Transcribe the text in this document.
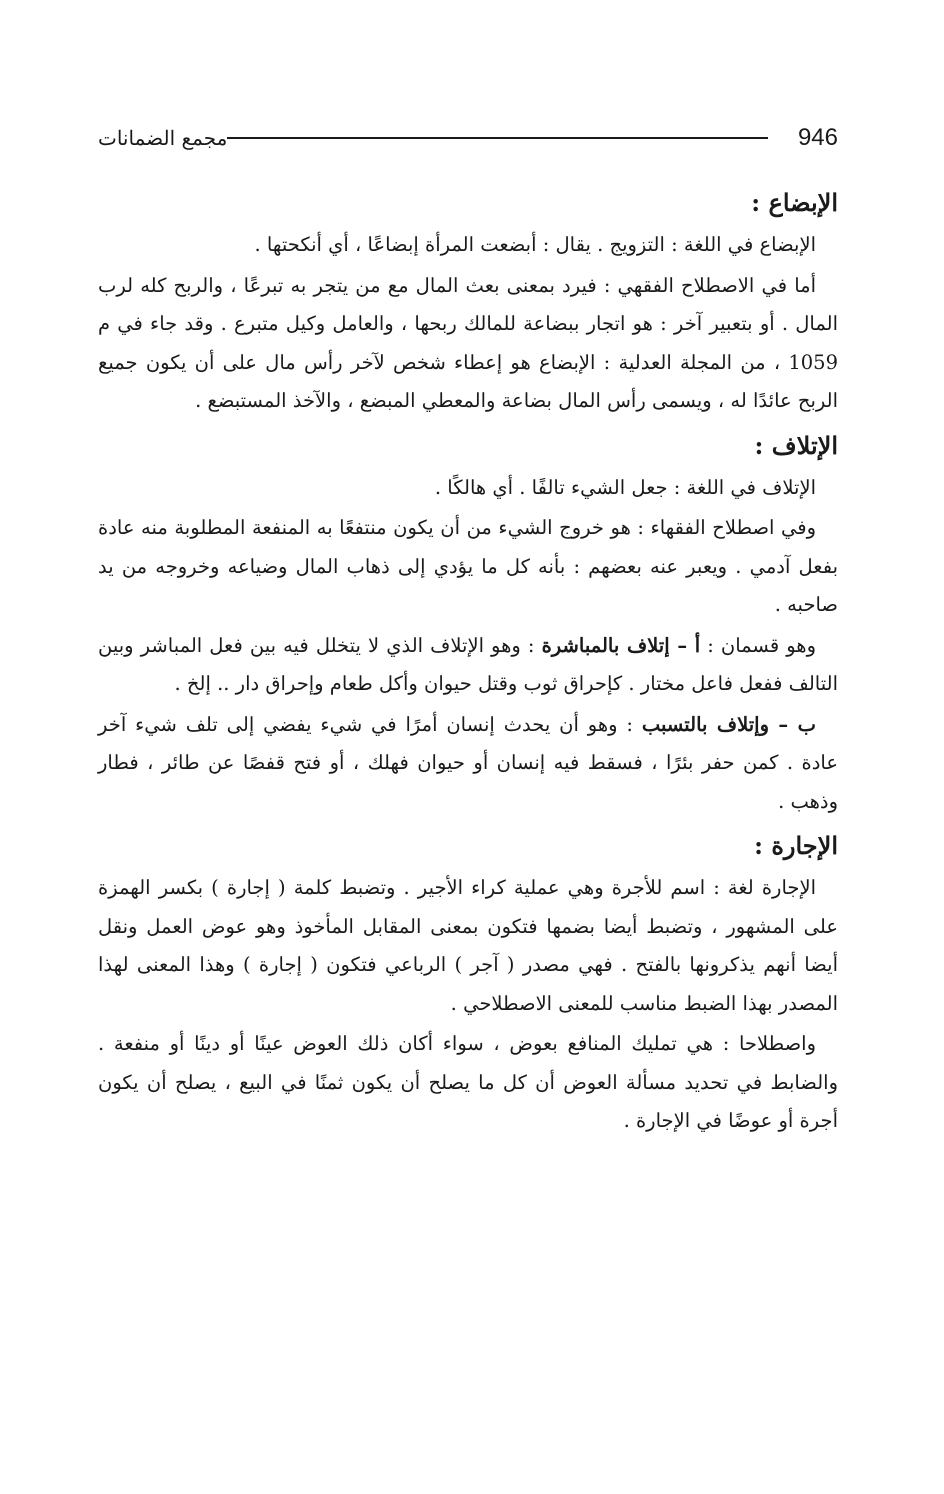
946
مجمع الضمانات
الإبضاع :

الإبضاع في اللغة : التزويج . يقال : أبضعت المرأة إبضاعًا ، أي أنكحتها .

أما في الاصطلاح الفقهي : فيرد بمعنى بعث المال مع من يتجر به تبرعًا ، والربح كله لرب المال . أو بتعبير آخر : هو اتجار ببضاعة للمالك ربحها ، والعامل وكيل متبرع . وقد جاء في م 1059 ، من المجلة العدلية : الإبضاع هو إعطاء شخص لآخر رأس مال على أن يكون جميع الربح عائدًا له ، ويسمى رأس المال بضاعة والمعطي المبضع ، والآخذ المستبضع .

الإتلاف :

الإتلاف في اللغة : جعل الشيء تالفًا . أي هالكًا .

وفي اصطلاح الفقهاء : هو خروج الشيء من أن يكون منتفعًا به المنفعة المطلوبة منه عادة بفعل آدمي . ويعبر عنه بعضهم : بأنه كل ما يؤدي إلى ذهاب المال وضياعه وخروجه من يد صاحبه .

وهو قسمان : أ – إتلاف بالمباشرة : وهو الإتلاف الذي لا يتخلل فيه بين فعل المباشر وبين التالف ففعل فاعل مختار . كإحراق ثوب وقتل حيوان وأكل طعام وإحراق دار .. إلخ .

ب – وإتلاف بالتسبب : وهو أن يحدث إنسان أمرًا في شيء يفضي إلى تلف شيء آخر عادة . كمن حفر بئرًا ، فسقط فيه إنسان أو حيوان فهلك ، أو فتح قفصًا عن طائر ، فطار وذهب .

الإجارة :

الإجارة لغة : اسم للأجرة وهي عملية كراء الأجير . وتضبط كلمة ( إجارة ) بكسر الهمزة على المشهور ، وتضبط أيضا بضمها فتكون بمعنى المقابل المأخوذ وهو عوض العمل ونقل أيضا أنهم يذكرونها بالفتح . فهي مصدر ( آجر ) الرباعي فتكون ( إجارة ) وهذا المعنى لهذا المصدر بهذا الضبط مناسب للمعنى الاصطلاحي .

واصطلاحا : هي تمليك المنافع بعوض ، سواء أكان ذلك العوض عينًا أو دينًا أو منفعة . والضابط في تحديد مسألة العوض أن كل ما يصلح أن يكون ثمنًا في البيع ، يصلح أن يكون أجرة أو عوضًا في الإجارة .
